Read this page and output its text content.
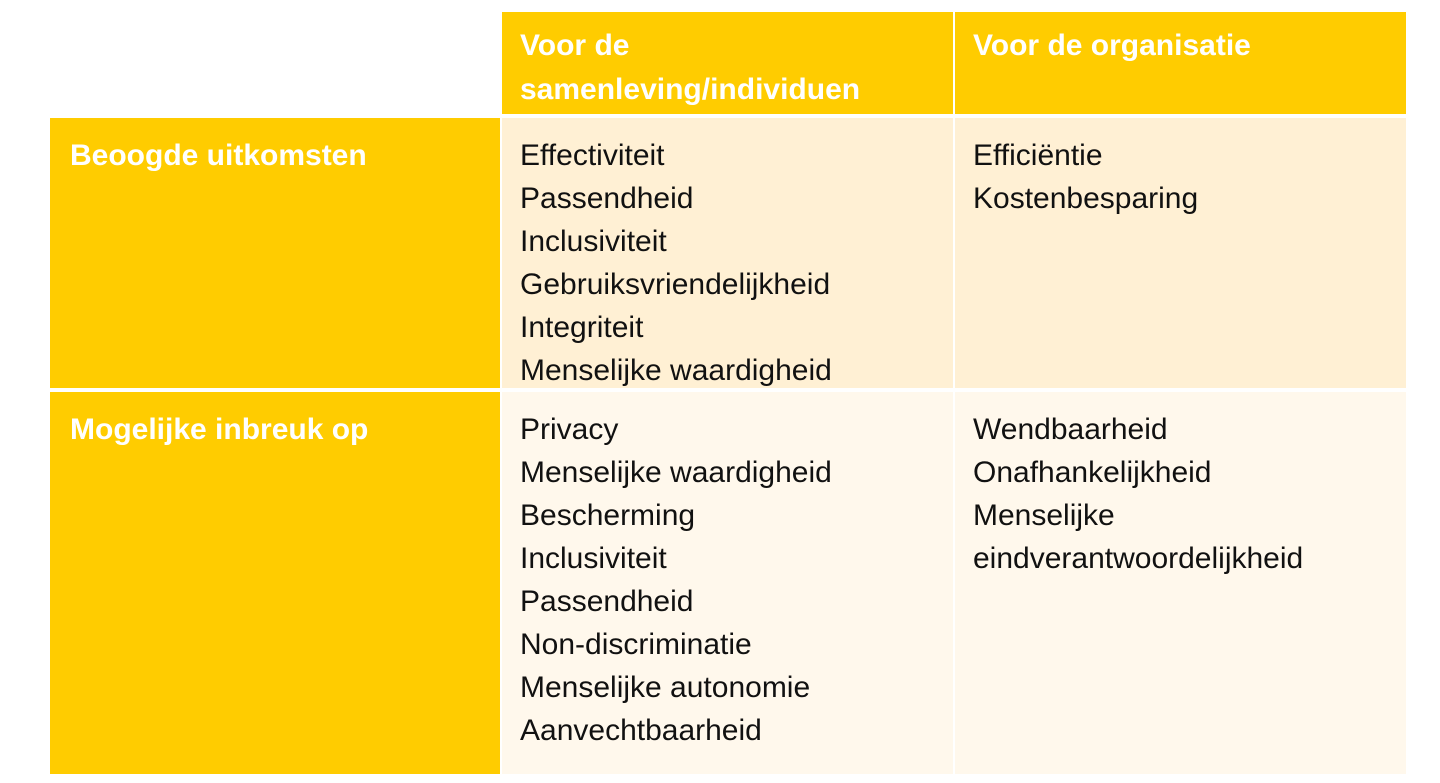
Voor de samenleving/individuen
Voor de organisatie
Beoogde uitkomsten	Effectiviteit
Passendheid
Inclusiviteit
Gebruiksvriendelijkheid
Integriteit
Menselijke waardigheid
Efficiëntie
Kostenbesparing
Mogelijke inbreuk op	Privacy
Menselijke waardigheid
Bescherming
Inclusiviteit
Passendheid
Non-discriminatie
Menselijke autonomie
Aanvechtbaarheid
Wendbaarheid
Onafhankelijkheid
Menselijke eindverantwoordelijkheid
